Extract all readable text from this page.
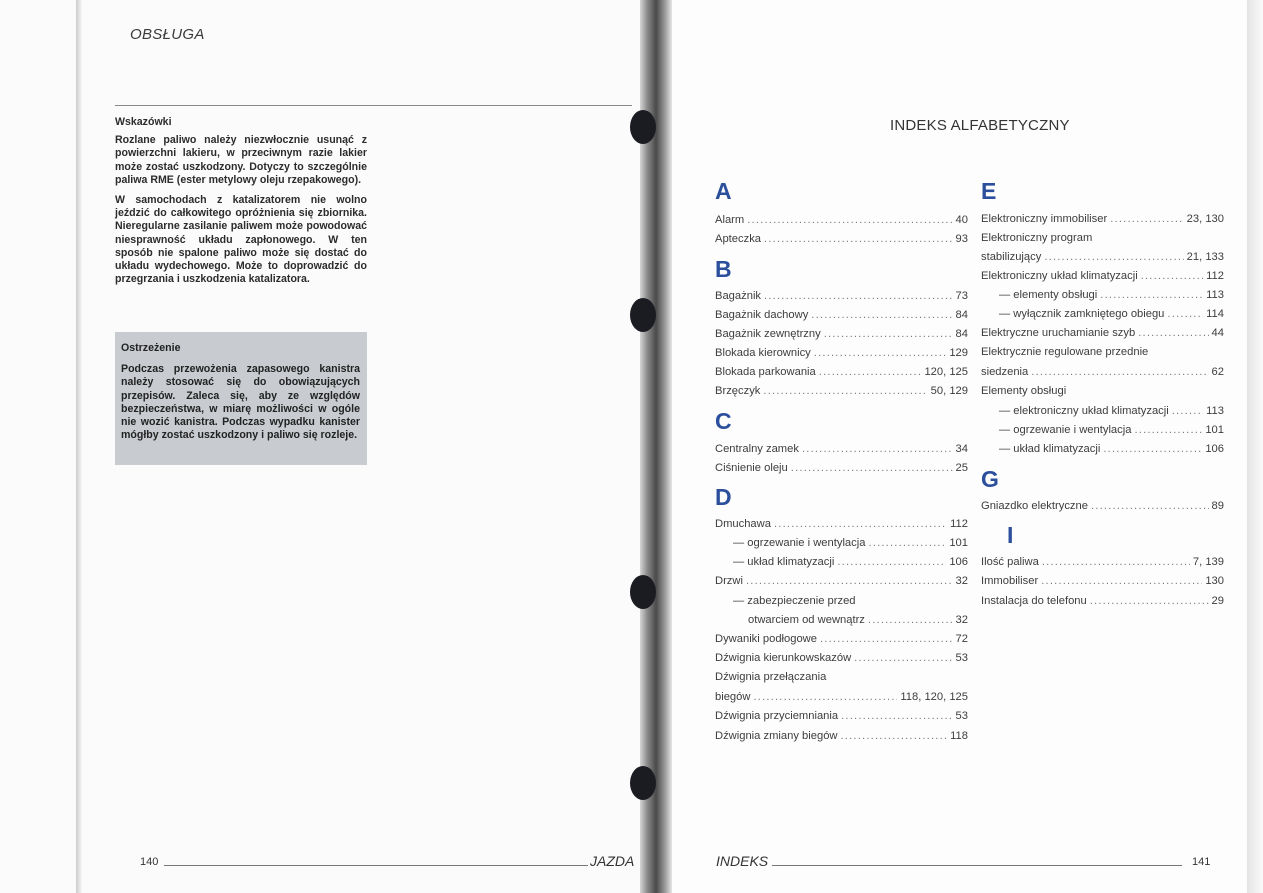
OBSŁUGA
Wskazówki

Rozlane paliwo należy niezwłocznie usunąć z powierzchni lakieru, w przeciwnym razie lakier może zostać uszkodzony. Dotyczy to szczególnie paliwa RME (ester metylowy oleju rzepakowego).

W samochodach z katalizatorem nie wolno jeździć do całkowitego opróżnienia się zbiornika. Nieregularne zasilanie paliwem może powodować niesprawność układu zapłonowego. W ten sposób nie spalone paliwo może się dostać do układu wydechowego. Może to doprowadzić do przegrzania i uszkodzenia katalizatora.

Ostrzeżenie

Podczas przewożenia zapasowego kanistra należy stosować się do obowiązujących przepisów. Zaleca się, aby ze względów bezpieczeństwa, w miarę możliwości w ogóle nie wozić kanistra. Podczas wypadku kanister mógłby zostać uszkodzony i paliwo się rozleje.

140	JAZDA
INDEKS ALFABETYCZNY
A
Alarm .....	40
Apteczka .....	93
B
Bagażnik .....	73
Bagażnik dachowy .....	84
Bagażnik zewnętrzny .....	84
Blokada kierownicy .....	129
Blokada parkowania .....	120, 125
Brzęczyk .....	50, 129
C
Centralny zamek .....	34
Ciśnienie oleju .....	25
D
Dmuchawa .....	112
— ogrzewanie i wentylacja .....	101
— układ klimatyzacji .....	106
Drzwi .....	32
— zabezpieczenie przed
otwarciem od wewnątrz .....	32
Dywaniki podłogowe .....	72
Dźwignia kierunkowskazów .....	53
Dźwignia przełączania
biegów .....	118, 120, 125
Dźwignia przyciemniania .....	53
Dźwignia zmiany biegów .....	118
E
Elektroniczny immobiliser .....	23, 130
Elektroniczny program
stabilizujący .....	21, 133
Elektroniczny układ klimatyzacji .....	112
— elementy obsługi .....	113
— wyłącznik zamkniętego obiegu .....	114
Elektryczne uruchamianie szyb .....	44
Elektrycznie regulowane przednie
siedzenia .....	62
Elementy obsługi
— elektroniczny układ klimatyzacji .....	113
— ogrzewanie i wentylacja .....	101
— układ klimatyzacji .....	106
G
Gniazdko elektryczne .....	89
I
Ilość paliwa .....	7, 139
Immobiliser .....	130
Instalacja do telefonu .....	29
INDEKS	141
